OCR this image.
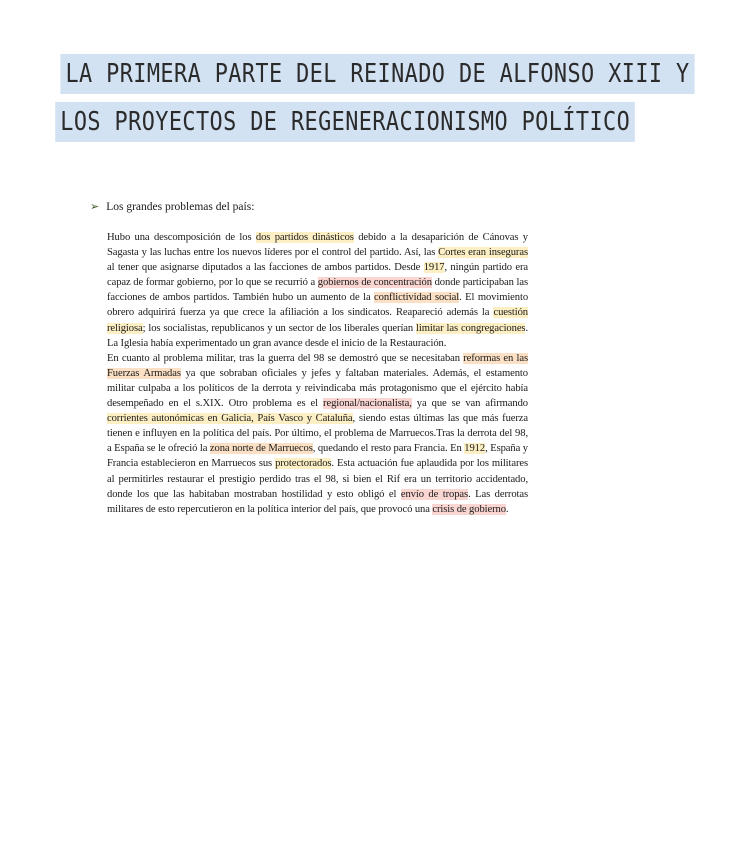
LA PRIMERA PARTE DEL REINADO DE ALFONSO XIII Y
LOS PROYECTOS DE REGENERACIONISMO POLÍTICO
➢ Los grandes problemas del país:

Hubo una descomposición de los dos partidos dinásticos debido a la desaparición de Cánovas y Sagasta y las luchas entre los nuevos líderes por el control del partido. Así, las Cortes eran inseguras al tener que asignarse diputados a las facciones de ambos partidos. Desde 1917, ningún partido era capaz de formar gobierno, por lo que se recurrió a gobiernos de concentración donde participaban las facciones de ambos partidos. También hubo un aumento de la conflictividad social. El movimiento obrero adquirirá fuerza ya que crece la afiliación a los sindicatos. Reapareció además la cuestión religiosa; los socialistas, republicanos y un sector de los liberales querían limitar las congregaciones. La Iglesia había experimentado un gran avance desde el inicio de la Restauración.

En cuanto al problema militar, tras la guerra del 98 se demostró que se necesitaban reformas en las Fuerzas Armadas ya que sobraban oficiales y jefes y faltaban materiales. Además, el estamento militar culpaba a los políticos de la derrota y reivindicaba más protagonismo que el ejército había desempeñado en el s.XIX. Otro problema es el regional/nacionalista, ya que se van afirmando corrientes autonómicas en Galicia, País Vasco y Cataluña, siendo estas últimas las que más fuerza tienen e influyen en la política del país. Por último, el problema de Marruecos.Tras la derrota del 98, a España se le ofreció la zona norte de Marruecos, quedando el resto para Francia. En 1912, España y Francia establecieron en Marruecos sus protectorados. Esta actuación fue aplaudida por los militares al permitirles restaurar el prestigio perdido tras el 98, si bien el Rif era un territorio accidentado, donde los que las habitaban mostraban hostilidad y esto obligó el envío de tropas. Las derrotas militares de esto repercutieron en la política interior del país, que provocó una crisis de gobierno.
